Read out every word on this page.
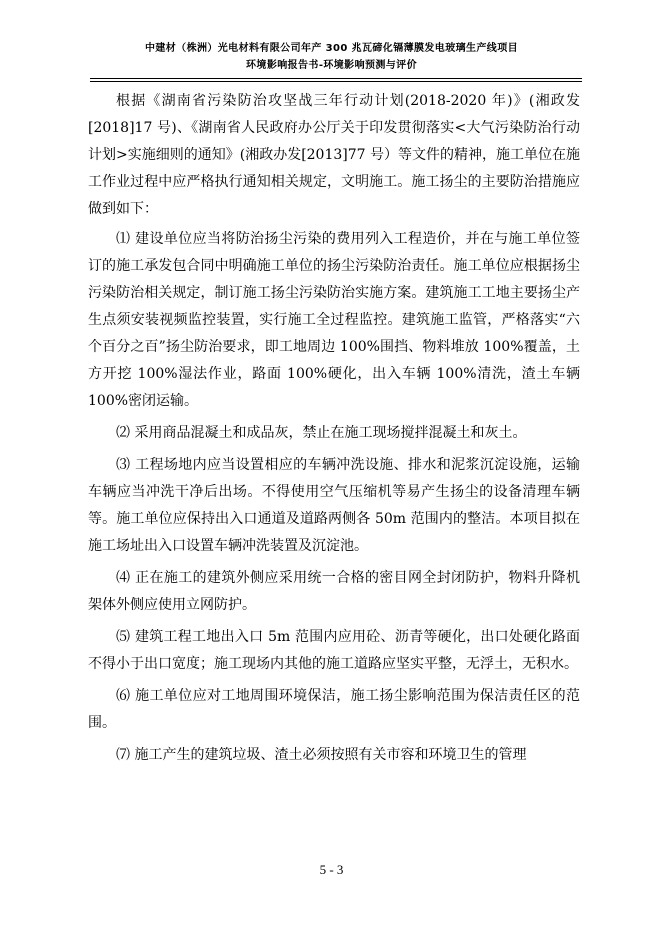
中建材（株洲）光电材料有限公司年产 300 兆瓦碲化镉薄膜发电玻璃生产线项目
环境影响报告书-环境影响预测与评价

根据《湖南省污染防治攻坚战三年行动计划(2018-2020 年)》(湘政发[2018]17 号)、《湖南省人民政府办公厅关于印发贯彻落实<大气污染防治行动计划>实施细则的通知》(湘政办发[2013]77 号）等文件的精神，施工单位在施工作业过程中应严格执行通知相关规定，文明施工。施工扬尘的主要防治措施应做到如下：

⑴ 建设单位应当将防治扬尘污染的费用列入工程造价，并在与施工单位签订的施工承发包合同中明确施工单位的扬尘污染防治责任。施工单位应根据扬尘污染防治相关规定，制订施工扬尘污染防治实施方案。建筑施工工地主要扬尘产生点须安装视频监控装置，实行施工全过程监控。建筑施工监管，严格落实“六个百分之百”扬尘防治要求，即工地周边 100%围挡、物料堆放 100%覆盖，土方开挖 100%湿法作业，路面 100%硬化，出入车辆 100%清洗，渣土车辆 100%密闭运输。

⑵ 采用商品混凝土和成品灰，禁止在施工现场搅拌混凝土和灰土。

⑶ 工程场地内应当设置相应的车辆冲洗设施、排水和泥浆沉淀设施，运输车辆应当冲洗干净后出场。不得使用空气压缩机等易产生扬尘的设备清理车辆等。施工单位应保持出入口通道及道路两侧各 50m 范围内的整洁。本项目拟在施工场址出入口设置车辆冲洗装置及沉淀池。

⑷ 正在施工的建筑外侧应采用统一合格的密目网全封闭防护，物料升降机架体外侧应使用立网防护。

⑸ 建筑工程工地出入口 5m 范围内应用砼、沥青等硬化，出口处硬化路面不得小于出口宽度；施工现场内其他的施工道路应坚实平整，无浮土，无积水。

⑹ 施工单位应对工地周围环境保洁，施工扬尘影响范围为保洁责任区的范围。

⑺ 施工产生的建筑垃圾、渣土必须按照有关市容和环境卫生的管理

5 - 3
